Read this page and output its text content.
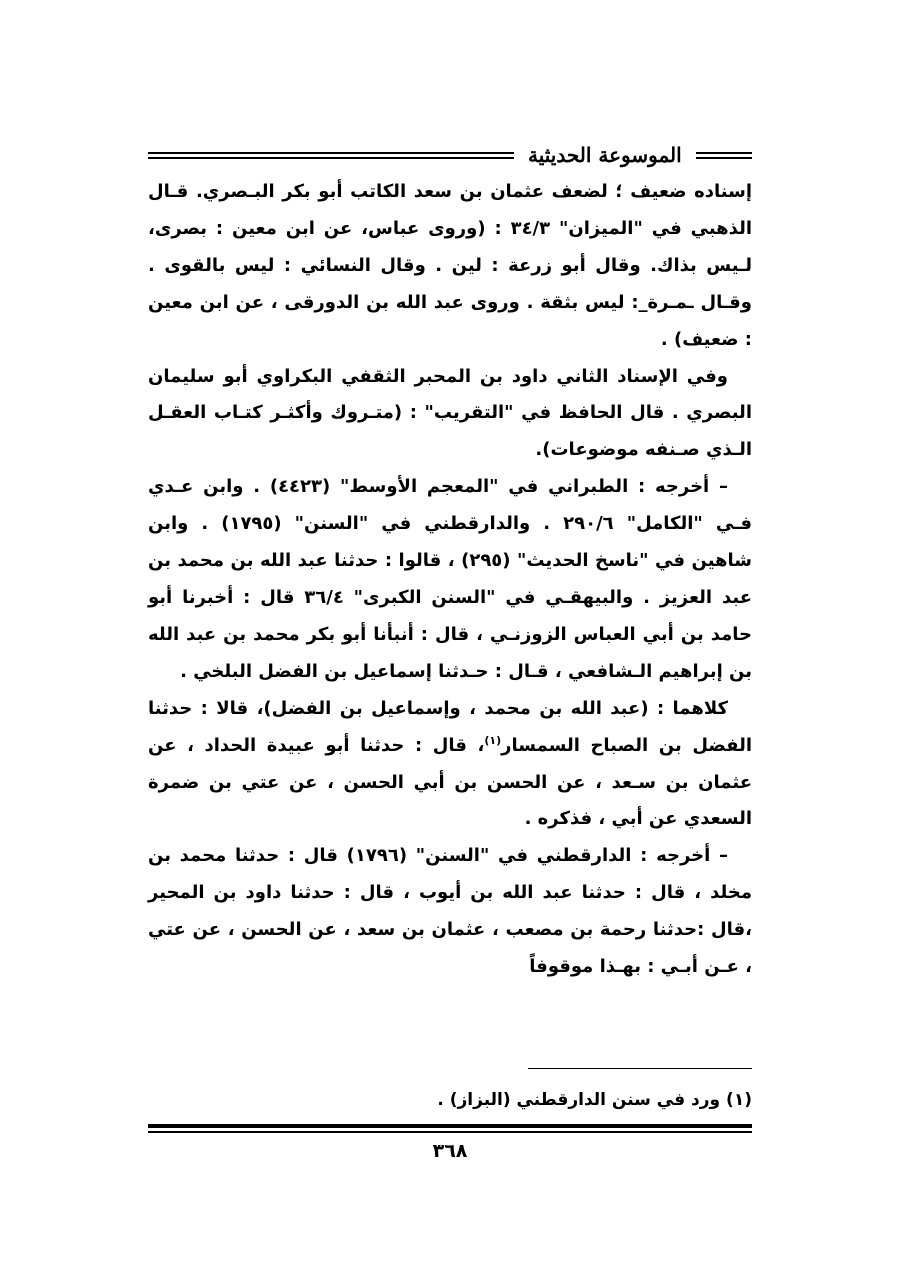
الموسوعة الحديثية

إسناده ضعيف ؛ لضعف عثمان بن سعد الكاتب أبو بكر البـصري. قـال الذهبي في "الميزان" ٣٤/٣ : (وروى عباس، عن ابن معين : بصرى، لـيس بذاك. وقال أبو زرعة : لين . وقال النسائي : ليس بالقوى . وقـال ـمـرة_: ليس بثقة . وروى عبد الله بن الدورقى ، عن ابن معين : ضعيف) .

وفي الإسناد الثاني داود بن المحبر الثقفي البكراوي أبو سليمان البصري . قال الحافظ في "التقريب" : (متـروك وأكثـر كتـاب العقـل الـذي صـنفه موضوعات).

– أخرجه : الطبراني في "المعجم الأوسط" (٤٤٢٣) . وابن عـدي فـي "الكامل" ٢٩٠/٦ . والدارقطني في "السنن" (١٧٩٥) . وابن شاهين في "ناسخ الحديث" (٢٩٥) ، قالوا : حدثنا عبد الله بن محمد بن عبد العزيز . والبيهقـي في "السنن الكبرى" ٣٦/٤ قال : أخبرنا أبو حامد بن أبي العباس الزوزنـي ، قال : أنبأنا أبو بكر محمد بن عبد الله بن إبراهيم الـشافعي ، قـال : حـدثنا إسماعيل بن الفضل البلخي .

كلاهما : (عبد الله بن محمد ، وإسماعيل بن الفضل)، قالا : حدثنا الفضل بن الصباح السمسار$^{(١)}$، قال : حدثنا أبو عبيدة الحداد ، عن عثمان بن سـعد ، عن الحسن بن أبي الحسن ، عن عتي بن ضمرة السعدي عن أبي ، فذكره .

– أخرجه : الدارقطني في "السنن" (١٧٩٦) قال : حدثنا محمد بن مخلد ، قال : حدثنا عبد الله بن أيوب ، قال : حدثنا داود بن المحير ،قال :حدثنا رحمة بن مصعب ، عثمان بن سعد ، عن الحسن ، عن عتي ، عـن أبـي : بهـذا موقوفاً

(١) ورد في سنن الدارقطني (البزاز) .
٣٦٨
